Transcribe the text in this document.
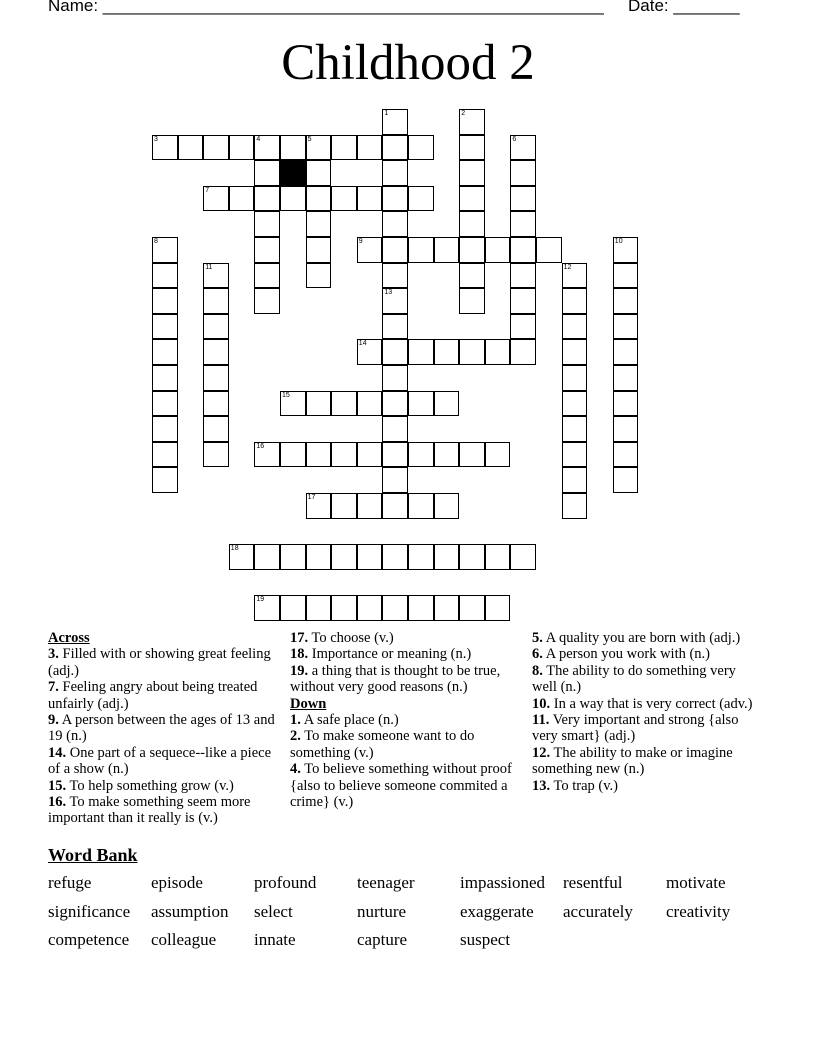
Name: _____________________________________________________ Date: _______
Childhood 2
1
13
2
3	4	5	6
7
8	9	10
11	12
14
15
16
17
18
19
Across
3. Filled with or showing great feeling (adj.)
7. Feeling angry about being treated unfairly (adj.)
9. A person between the ages of 13 and 19 (n.)
14. One part of a sequece--like a piece of a show (n.)
15. To help something grow (v.)
16. To make something seem more important than it really is (v.)
17. To choose (v.)
18. Importance or meaning (n.)
19. a thing that is thought to be true, without very good reasons (n.)
Down
1. A safe place (n.)
2. To make someone want to do something (v.)
4. To believe something without proof {also to believe someone commited a crime} (v.)
5. A quality you are born with (adj.)
6. A person you work with (n.)
8. The ability to do something very well (n.)
10. In a way that is very correct (adv.)
11. Very important and strong {also very smart} (adj.)
12. The ability to make or imagine something new (n.)
13. To trap (v.)
Word Bank
refuge	episode	profound teenager	impassioned resentful	motivate
significance assumption select	nurture	exaggerate accurately creativity
competence colleague innate	capture	suspect
